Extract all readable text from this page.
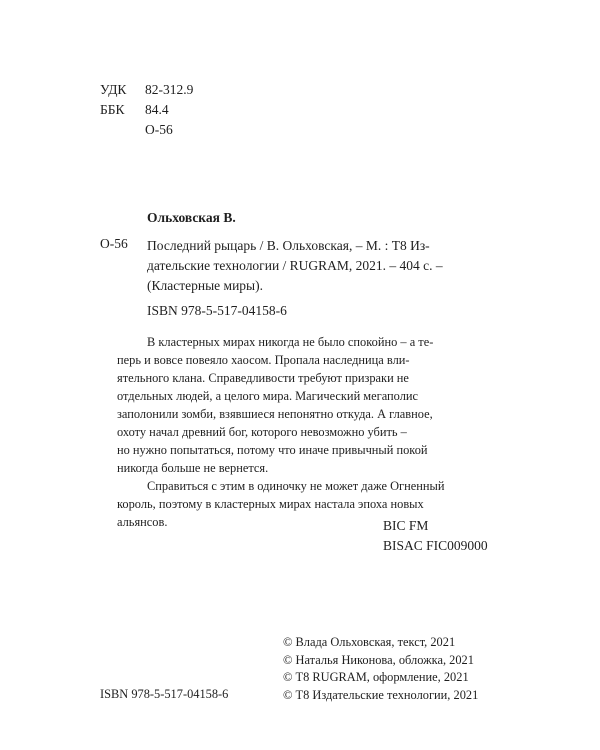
УДК 82-312.9
ББК 84.4
О-56
Ольховская В.
О-56 Последний рыцарь / В. Ольховская, – М. : Т8 Из-
дательские технологии / RUGRAM, 2021. – 404 с. –
(Кластерные миры).
ISBN 978-5-517-04158-6
В кластерных мирах никогда не было спокойно – а те-
перь и вовсе повеяло хаосом. Пропала наследница вли-
ятельного клана. Справедливости требуют призраки не
отдельных людей, а целого мира. Магический мегаполис
заполонили зомби, взявшиеся непонятно откуда. А главное,
охоту начал древний бог, которого невозможно убить –
но нужно попытаться, потому что иначе привычный покой
никогда больше не вернется.
Справиться с этим в одиночку не может даже Огненный
король, поэтому в кластерных мирах настала эпоха новых
альянсов.	BIC FM
BISAC FIC009000
© Влада Ольховская, текст, 2021
© Наталья Никонова, обложка, 2021
© Т8 RUGRAM, оформление, 2021
© Т8 Издательские технологии, 2021
ISBN 978-5-517-04158-6
